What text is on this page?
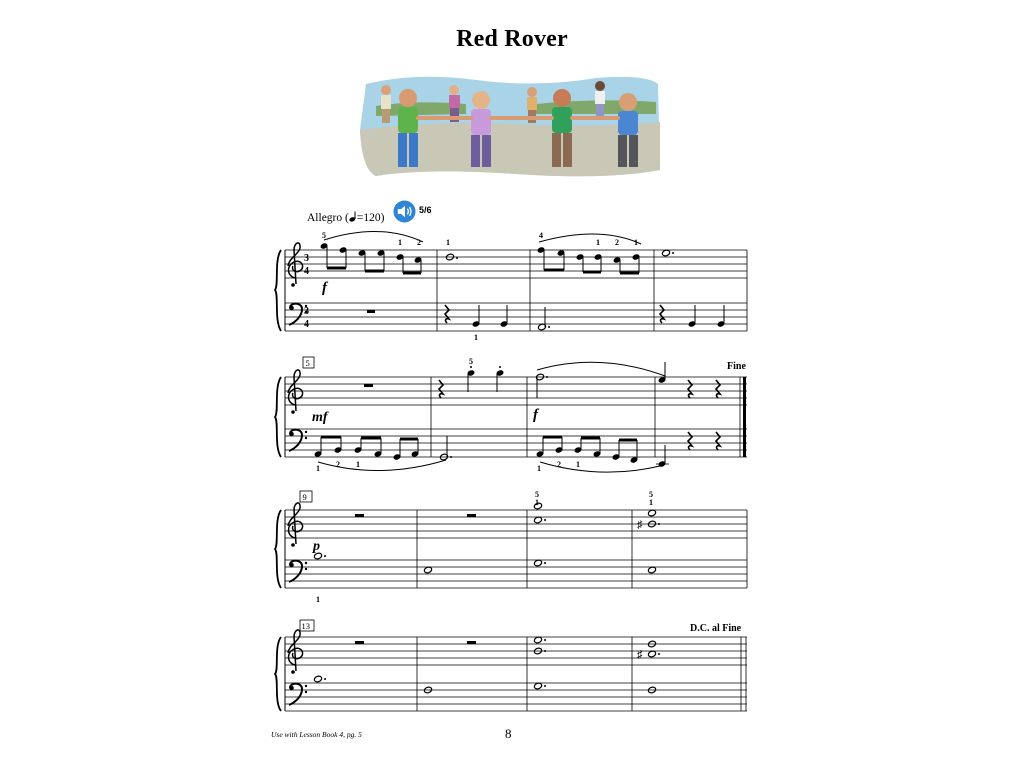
Red Rover
Allegro ( =120)
5/6
3
4
3
4
5
1 2
f
1
1
4
1 2 1
5
mf
1 2 1
5
f
1 2 1
Fine
9
p
1
5
1
♯
5
1
13
♯
D.C. al Fine
Use with Lesson Book 4, pg. 5	8
